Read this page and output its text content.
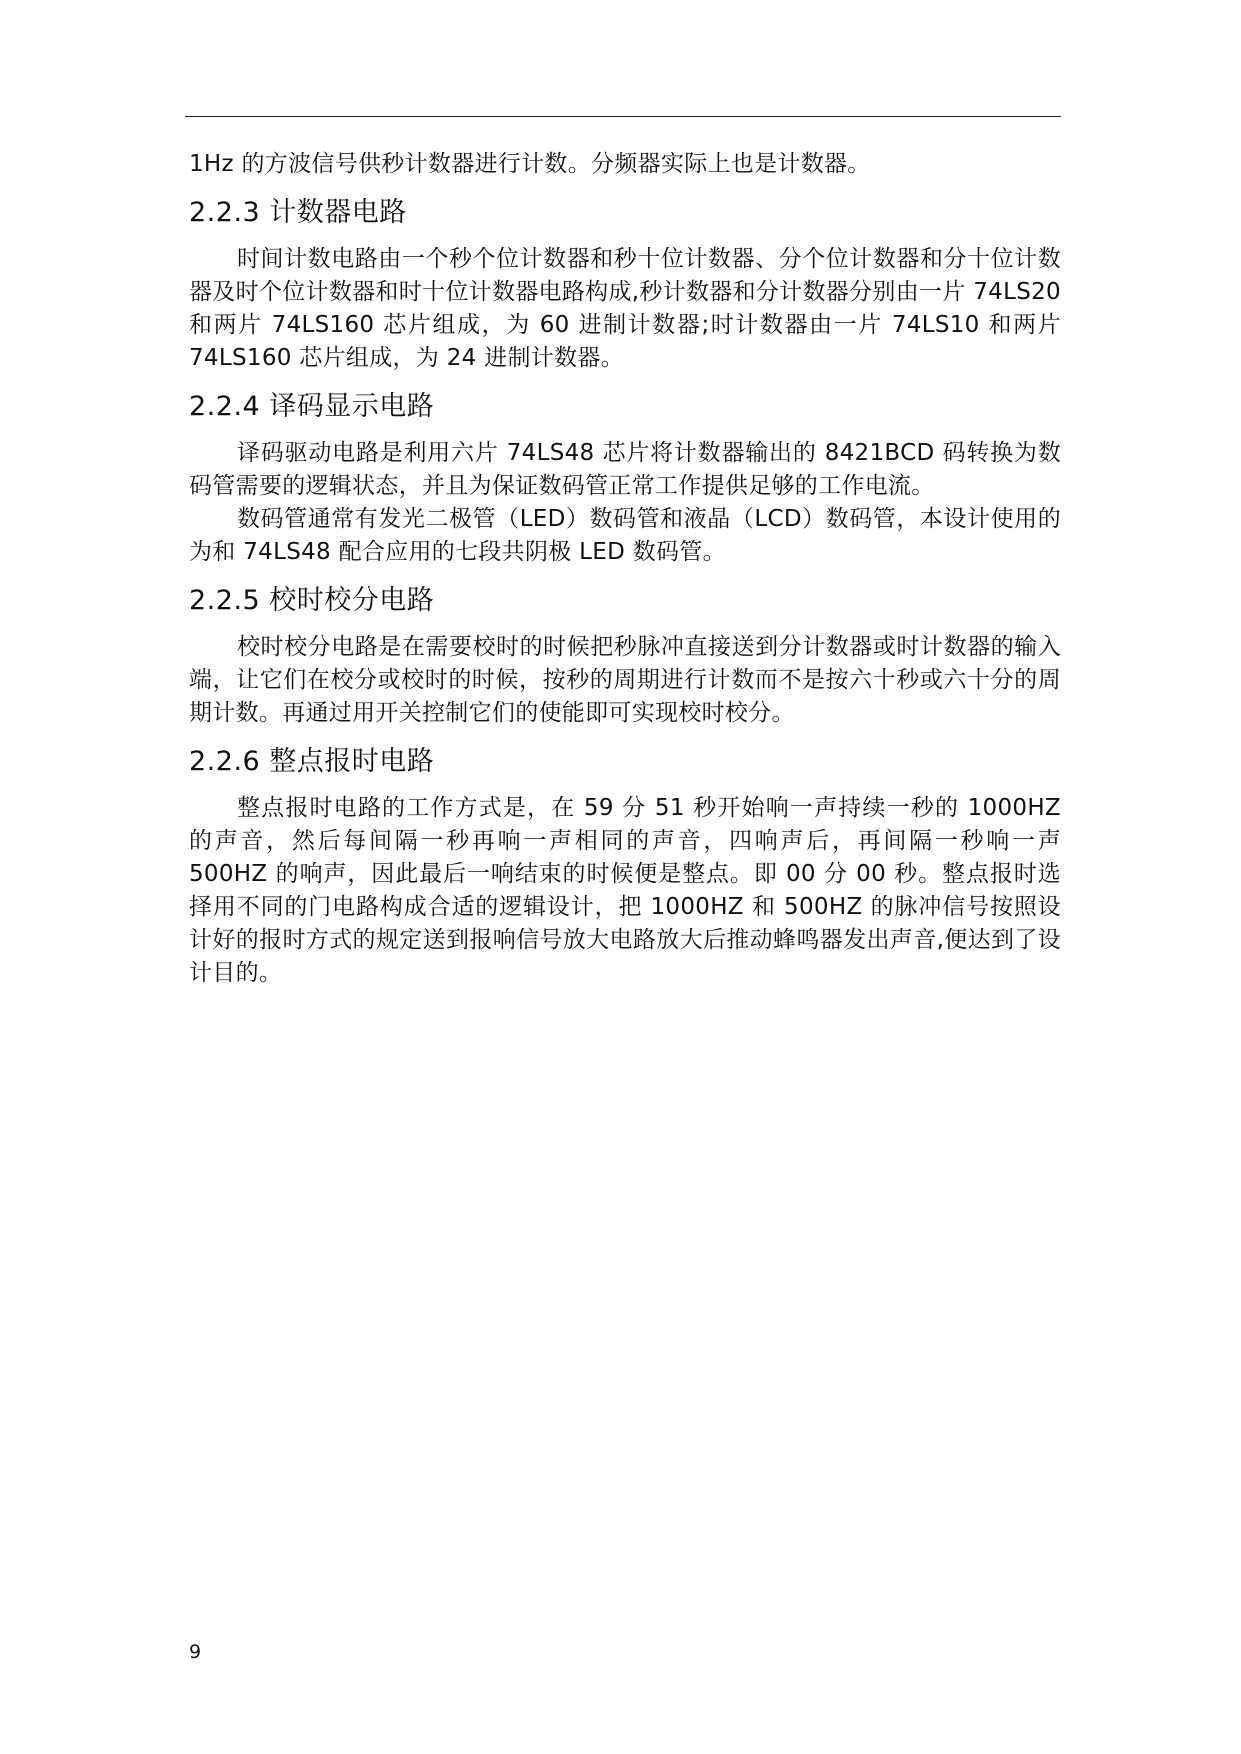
1Hz 的方波信号供秒计数器进行计数。分频器实际上也是计数器。

2.2.3 计数器电路

时间计数电路由一个秒个位计数器和秒十位计数器、分个位计数器和分十位计数器及时个位计数器和时十位计数器电路构成,秒计数器和分计数器分别由一片 74LS20 和两片 74LS160 芯片组成，为 60 进制计数器;时计数器由一片 74LS10 和两片 74LS160 芯片组成，为 24 进制计数器。

2.2.4 译码显示电路

译码驱动电路是利用六片 74LS48 芯片将计数器输出的 8421BCD 码转换为数码管需要的逻辑状态，并且为保证数码管正常工作提供足够的工作电流。

数码管通常有发光二极管（LED）数码管和液晶（LCD）数码管，本设计使用的为和 74LS48 配合应用的七段共阴极 LED 数码管。

2.2.5 校时校分电路

校时校分电路是在需要校时的时候把秒脉冲直接送到分计数器或时计数器的输入端，让它们在校分或校时的时候，按秒的周期进行计数而不是按六十秒或六十分的周期计数。再通过用开关控制它们的使能即可实现校时校分。

2.2.6 整点报时电路

整点报时电路的工作方式是，在 59 分 51 秒开始响一声持续一秒的 1000HZ 的声音，然后每间隔一秒再响一声相同的声音，四响声后，再间隔一秒响一声 500HZ 的响声，因此最后一响结束的时候便是整点。即 00 分 00 秒。整点报时选择用不同的门电路构成合适的逻辑设计，把 1000HZ 和 500HZ 的脉冲信号按照设计好的报时方式的规定送到报响信号放大电路放大后推动蜂鸣器发出声音,便达到了设计目的。

9
